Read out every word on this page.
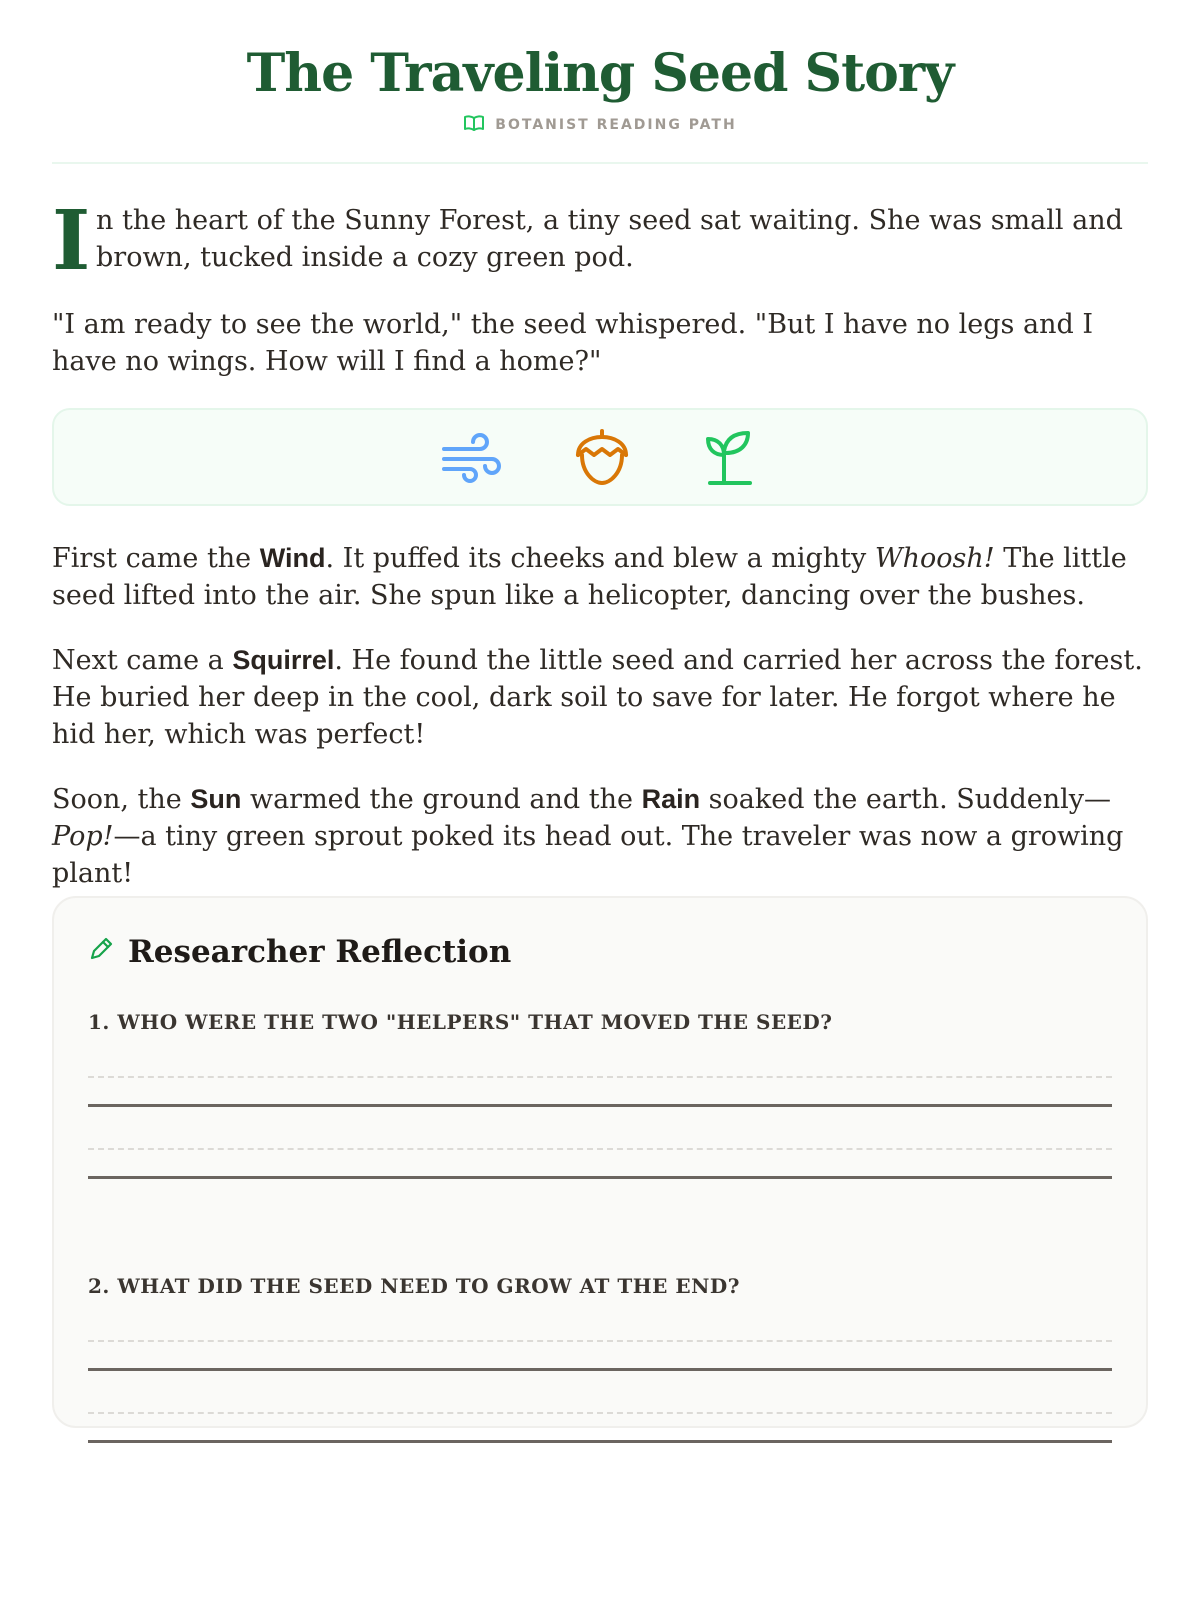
The Traveling Seed Story
BOTANIST READING PATH

I n the heart of the Sunny Forest, a tiny seed sat waiting. She was small and brown, tucked inside a cozy green pod.

"I am ready to see the world," the seed whispered. "But I have no legs and I have no wings. How will I find a home?"

First came the Wind. It puffed its cheeks and blew a mighty Whoosh! The little seed lifted into the air. She spun like a helicopter, dancing over the bushes.

Next came a Squirrel. He found the little seed and carried her across the forest. He buried her deep in the cool, dark soil to save for later. He forgot where he hid her, which was perfect!

Soon, the Sun warmed the ground and the Rain soaked the earth. Suddenly—Pop!—a tiny green sprout poked its head out. The traveler was now a growing plant!

Researcher Reflection
1. WHO WERE THE TWO "HELPERS" THAT MOVED THE SEED?
2. WHAT DID THE SEED NEED TO GROW AT THE END?
